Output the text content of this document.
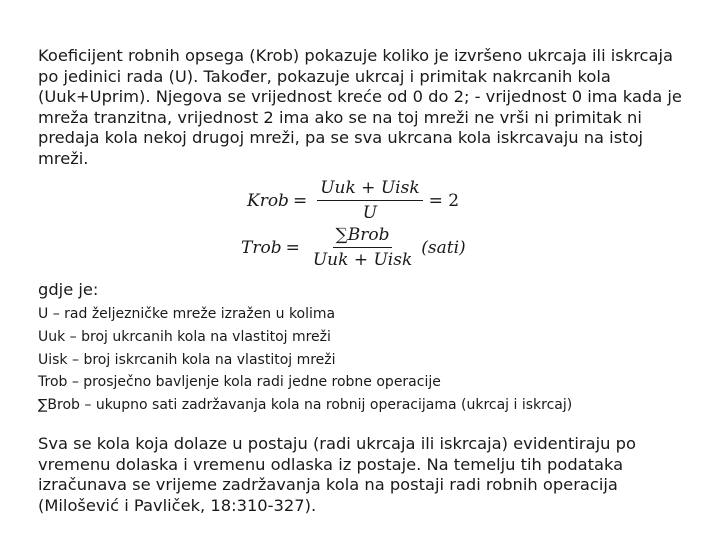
Koeficijent robnih opsega (Krob) pokazuje koliko je izvršeno ukrcaja ili iskrcaja po jedinici rada (U). Također, pokazuje ukrcaj i primitak nakrcanih kola (Uuk+Uprim). Njegova se vrijednost kreće od 0 do 2; - vrijednost 0 ima kada je mreža tranzitna, vrijednost 2 ima ako se na toj mreži ne vrši ni primitak ni predaja kola nekoj drugoj mreži, pa se sva ukrcana kola iskrcavaju na istoj mreži.

Krob = $\frac{\text{Uuk + Uisk}}{U} = 2$
Trob = $\frac{\text{∑Brob}}{\text{Uuk + Uisk}}$ (sati)

gdje je:

U – rad željezničke mreže izražen u kolima
Uuk – broj ukrcanih kola na vlastitoj mreži
Uisk – broj iskrcanih kola na vlastitoj mreži
Trob – prosječno bavljenje kola radi jedne robne operacije
∑Brob – ukupno sati zadržavanja kola na robnij operacijama (ukrcaj i iskrcaj)

Sva se kola koja dolaze u postaju (radi ukrcaja ili iskrcaja) evidentiraju po vremenu dolaska i vremenu odlaska iz postaje. Na temelju tih podataka izračunava se vrijeme zadržavanja kola na postaji radi robnih operacija (Milošević i Pavliček, 18:310-327).
